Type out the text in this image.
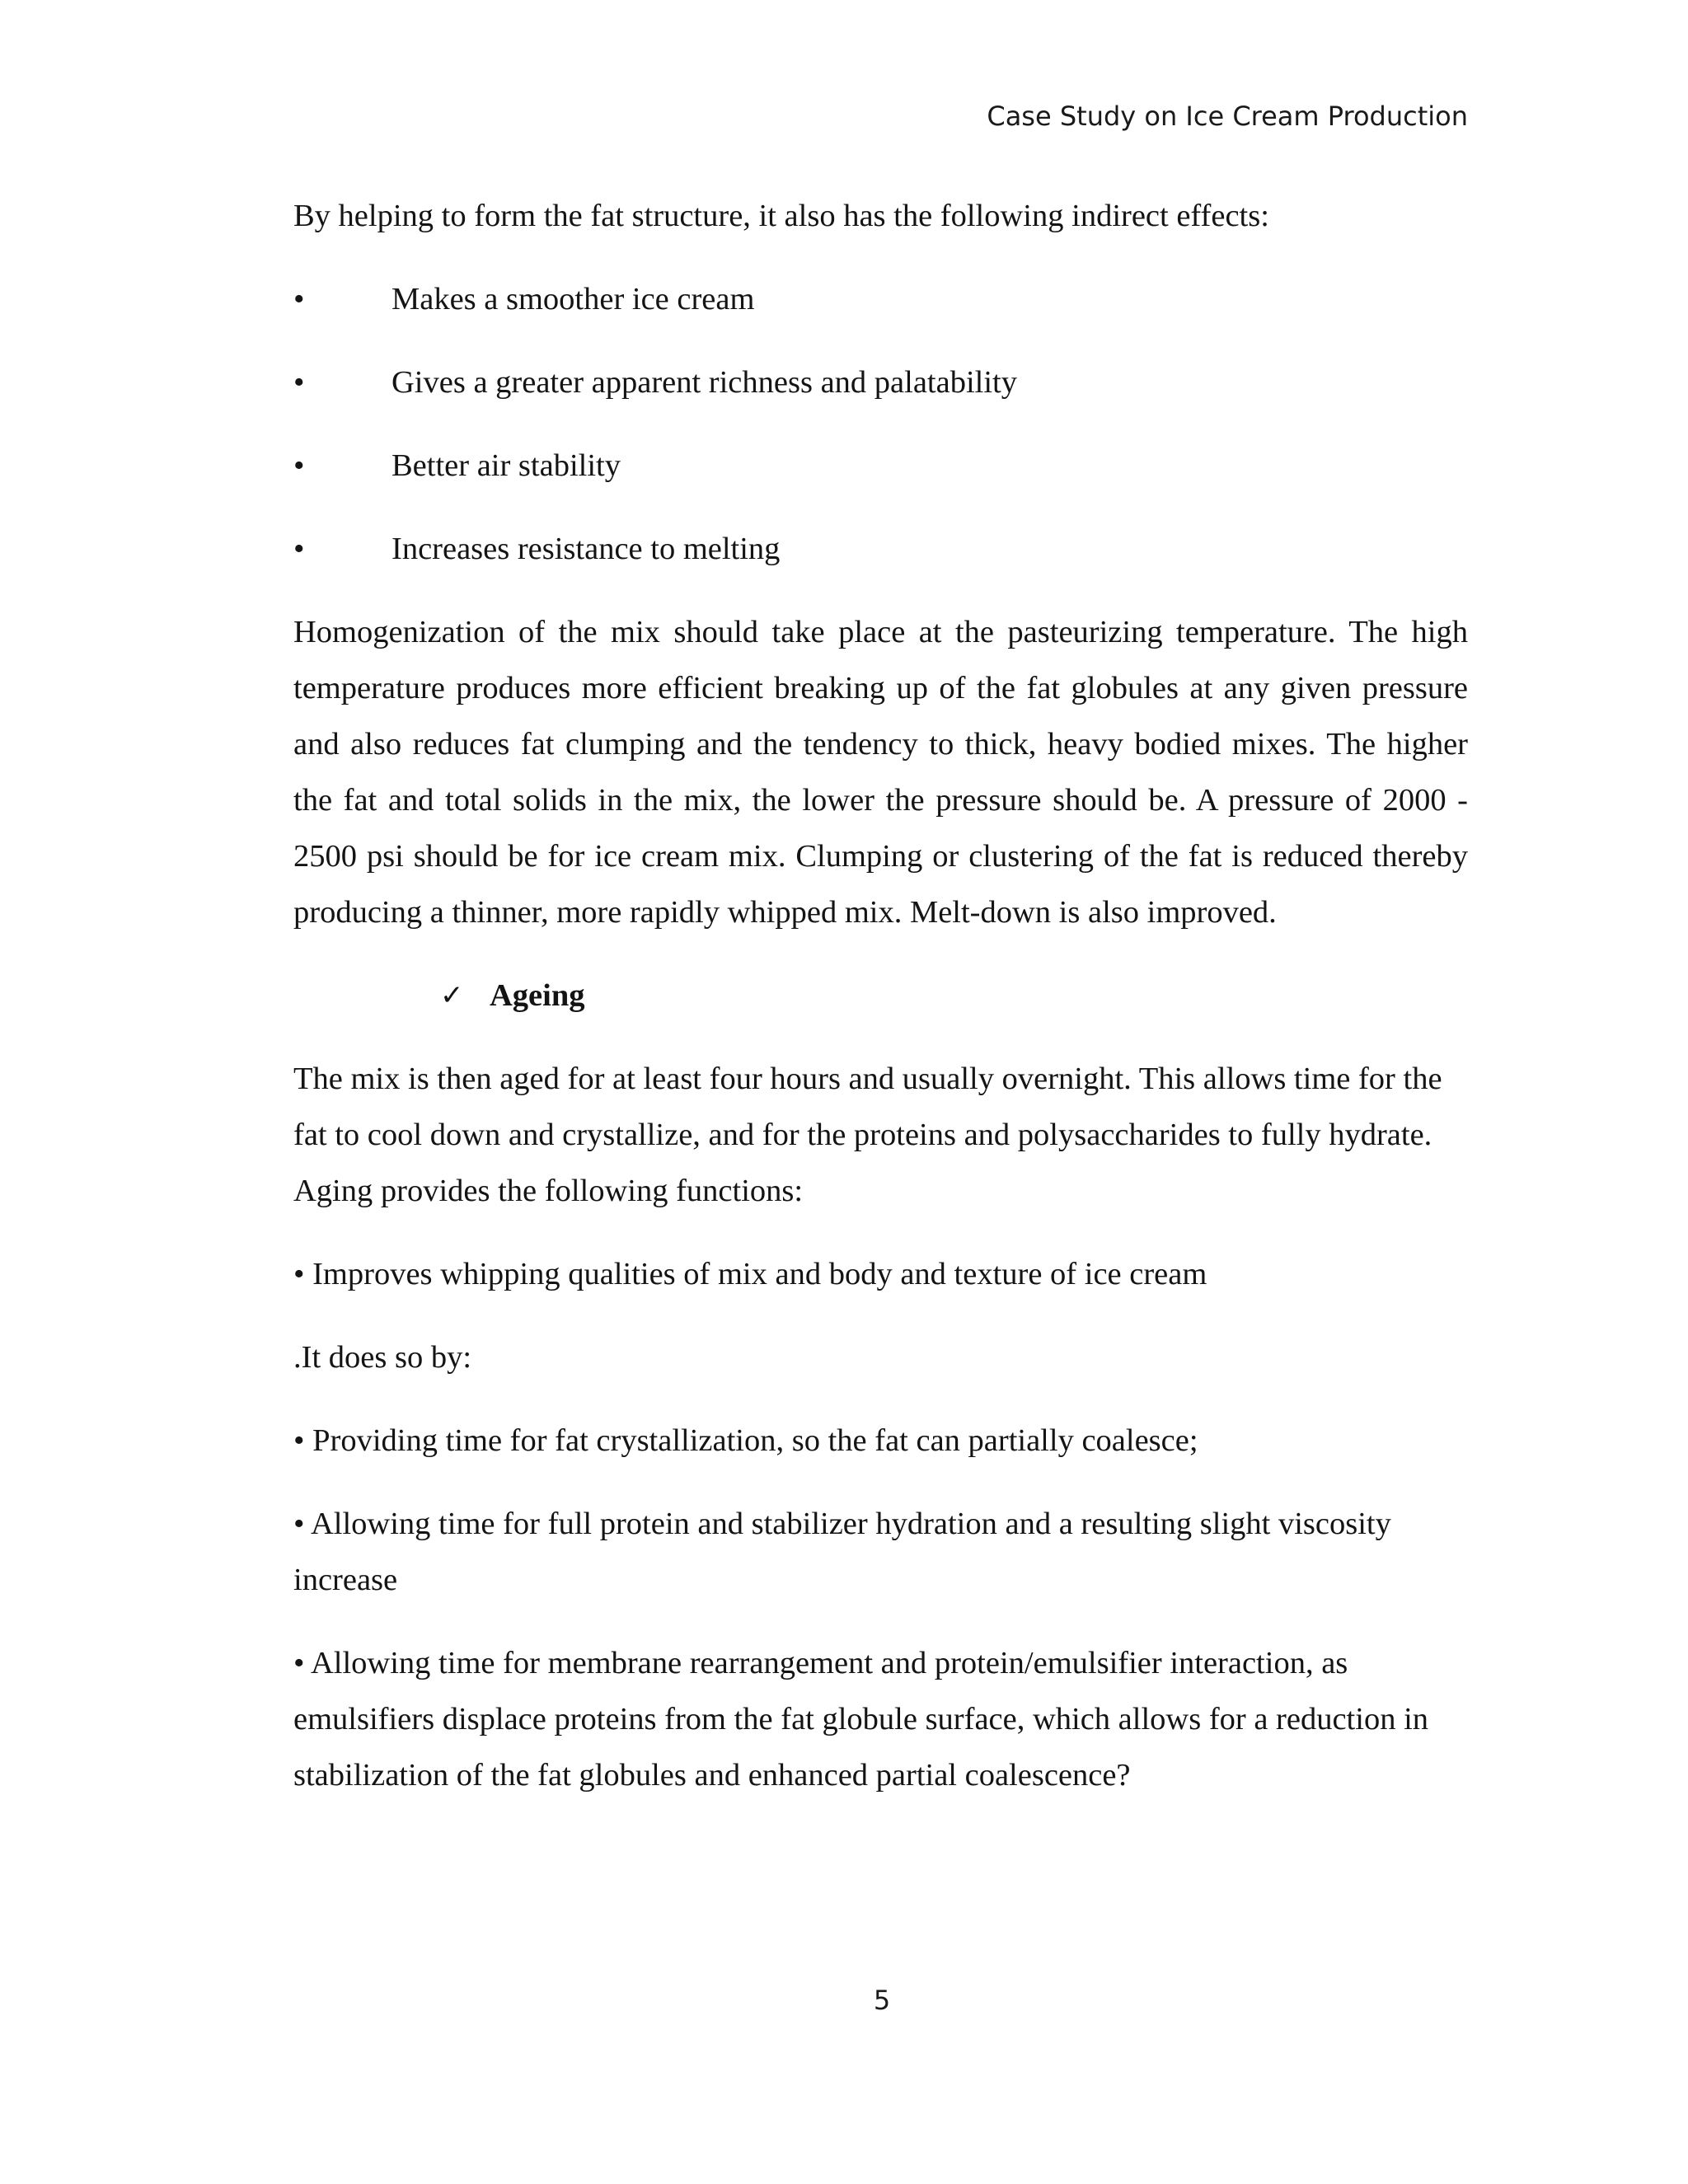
Case Study on Ice Cream Production

By helping to form the fat structure, it also has the following indirect effects:

•	Makes a smoother ice cream
•	Gives a greater apparent richness and palatability
•	Better air stability
•	Increases resistance to melting

Homogenization of the mix should take place at the pasteurizing temperature. The high temperature produces more efficient breaking up of the fat globules at any given pressure and also reduces fat clumping and the tendency to thick, heavy bodied mixes. The higher the fat and total solids in the mix, the lower the pressure should be. A pressure of 2000 - 2500 psi should be for ice cream mix. Clumping or clustering of the fat is reduced thereby producing a thinner, more rapidly whipped mix. Melt-down is also improved.

✓ Ageing

The mix is then aged for at least four hours and usually overnight. This allows time for the fat to cool down and crystallize, and for the proteins and polysaccharides to fully hydrate. Aging provides the following functions:

• Improves whipping qualities of mix and body and texture of ice cream

.It does so by:

• Providing time for fat crystallization, so the fat can partially coalesce;

• Allowing time for full protein and stabilizer hydration and a resulting slight viscosity increase

• Allowing time for membrane rearrangement and protein/emulsifier interaction, as emulsifiers displace proteins from the fat globule surface, which allows for a reduction in stabilization of the fat globules and enhanced partial coalescence?

5
